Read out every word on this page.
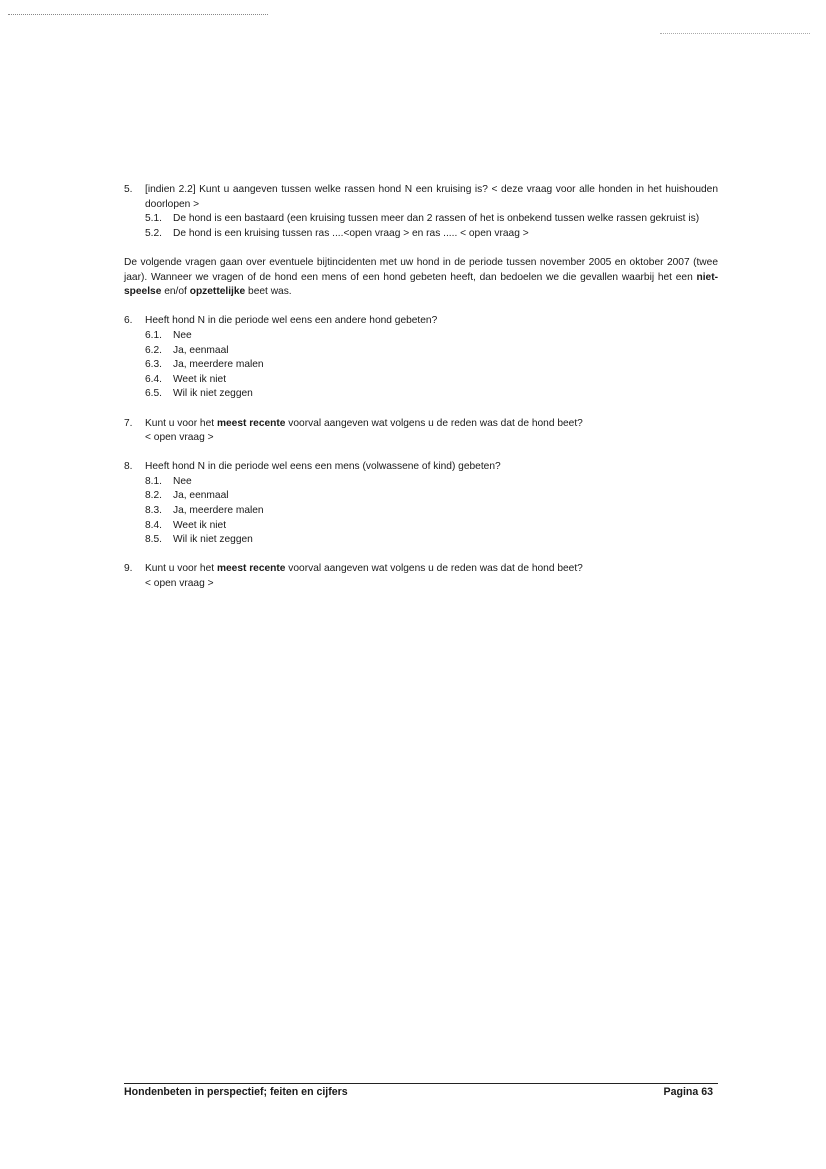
5. [indien 2.2] Kunt u aangeven tussen welke rassen hond N een kruising is? < deze vraag voor alle honden in het huishouden doorlopen >
5.1. De hond is een bastaard (een kruising tussen meer dan 2 rassen of het is onbekend tussen welke rassen gekruist is)
5.2. De hond is een kruising tussen ras ....<open vraag > en ras ..... < open vraag >

De volgende vragen gaan over eventuele bijtincidenten met uw hond in de periode tussen november 2005 en oktober 2007 (twee jaar). Wanneer we vragen of de hond een mens of een hond gebeten heeft, dan bedoelen we die gevallen waarbij het een niet-speelse en/of opzettelijke beet was.

6. Heeft hond N in die periode wel eens een andere hond gebeten?
6.1. Nee
6.2. Ja, eenmaal
6.3. Ja, meerdere malen
6.4. Weet ik niet
6.5. Wil ik niet zeggen
7. Kunt u voor het meest recente voorval aangeven wat volgens u de reden was dat de hond beet?
< open vraag >
8. Heeft hond N in die periode wel eens een mens (volwassene of kind) gebeten?
8.1. Nee
8.2. Ja, eenmaal
8.3. Ja, meerdere malen
8.4. Weet ik niet
8.5. Wil ik niet zeggen
9. Kunt u voor het meest recente voorval aangeven wat volgens u de reden was dat de hond beet?
< open vraag >
Hondenbeten in perspectief; feiten en cijfers	Pagina 63
